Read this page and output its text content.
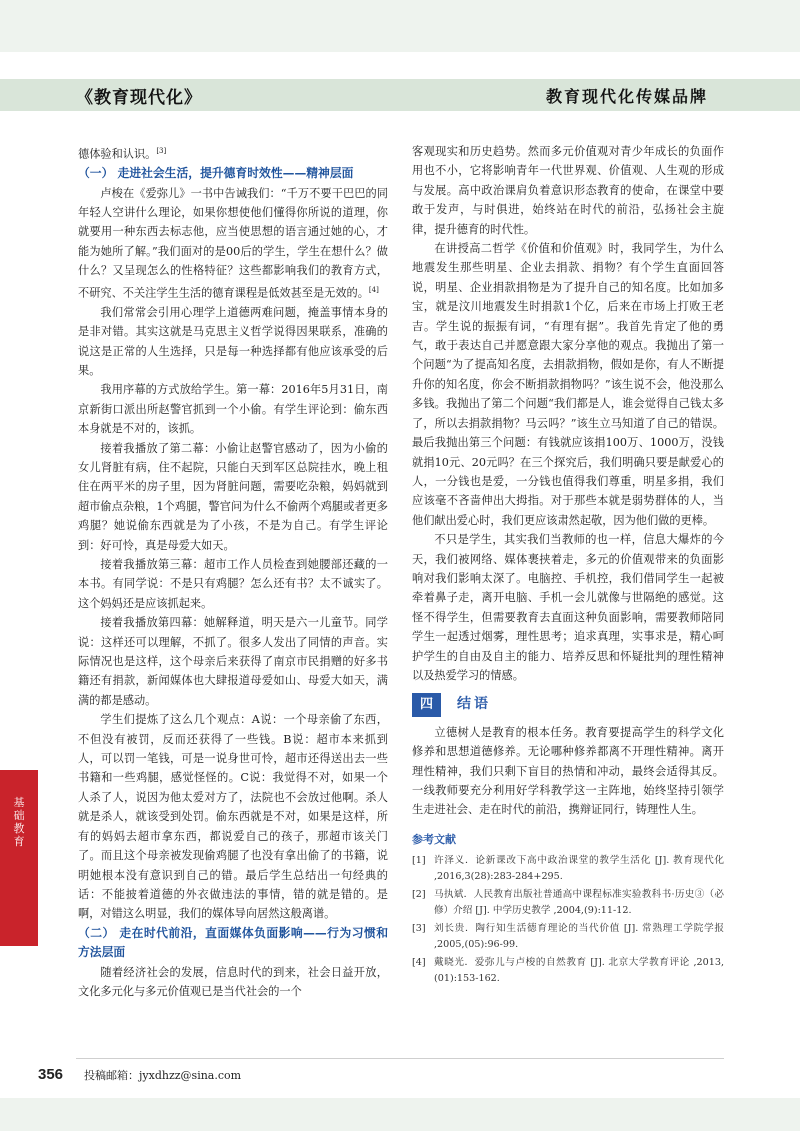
《教育现代化》	教育现代化传媒品牌

德体验和认识。[3]

（一） 走进社会生活，提升德育时效性——精神层面

卢梭在《爱弥儿》一书中告诫我们：“千万不要干巴巴的同年轻人空讲什么理论，如果你想使他们懂得你所说的道理，你就要用一种东西去标志他，应当使思想的语言通过她的心，才能为她所了解。”我们面对的是00后的学生，学生在想什么？做什么？又呈现怎么的性格特征？这些都影响我们的教育方式，不研究、不关注学生生活的德育课程是低效甚至是无效的。[4]

我们常常会引用心理学上道德两难问题，掩盖事情本身的是非对错。其实这就是马克思主义哲学说得因果联系，准确的说这是正常的人生选择，只是每一种选择都有他应该承受的后果。

我用序幕的方式放给学生。第一幕：2016年5月31日，南京新街口派出所赵警官抓到一个小偷。有学生评论到：偷东西本身就是不对的，该抓。

接着我播放了第二幕：小偷让赵警官感动了，因为小偷的女儿肾脏有病，住不起院，只能白天到军区总院挂水，晚上租住在两平米的房子里，因为肾脏问题，需要吃杂粮，妈妈就到超市偷点杂粮，1个鸡腿，警官问为什么不偷两个鸡腿或者更多鸡腿？她说偷东西就是为了小孩，不是为自己。有学生评论到：好可怜，真是母爱大如天。

接着我播放第三幕：超市工作人员检查到她腰部还藏的一本书。有同学说：不是只有鸡腿？怎么还有书？太不诚实了。这个妈妈还是应该抓起来。

接着我播放第四幕：她解释道，明天是六一儿童节。同学说：这样还可以理解，不抓了。很多人发出了同情的声音。实际情况也是这样，这个母亲后来获得了南京市民捐赠的好多书籍还有捐款，新闻媒体也大肆报道母爱如山、母爱大如天，满满的都是感动。

学生们提炼了这么几个观点：A说：一个母亲偷了东西，不但没有被罚，反而还获得了一些钱。B说：超市本来抓到人，可以罚一笔钱，可是一说身世可怜，超市还得送出去一些书籍和一些鸡腿，感觉怪怪的。C说：我觉得不对，如果一个人杀了人，说因为他太爱对方了，法院也不会放过他啊。杀人就是杀人，就该受到处罚。偷东西就是不对，如果是这样，所有的妈妈去超市拿东西，都说爱自己的孩子，那超市该关门了。而且这个母亲被发现偷鸡腿了也没有拿出偷了的书籍，说明她根本没有意识到自己的错。最后学生总结出一句经典的话：不能披着道德的外衣做违法的事情，错的就是错的。是啊，对错这么明显，我们的媒体导向居然这般离谱。

（二） 走在时代前沿，直面媒体负面影响——行为习惯和方法层面

随着经济社会的发展，信息时代的到来，社会日益开放，文化多元化与多元价值观已是当代社会的一个

客观现实和历史趋势。然而多元价值观对青少年成长的负面作用也不小，它将影响青年一代世界观、价值观、人生观的形成与发展。高中政治课肩负着意识形态教育的使命，在课堂中要敢于发声，与时俱进，始终站在时代的前沿，弘扬社会主旋律，提升德育的时代性。

在讲授高二哲学《价值和价值观》时，我同学生，为什么地震发生那些明星、企业去捐款、捐物？有个学生直面回答说，明星、企业捐款捐物是为了提升自己的知名度。比如加多宝，就是汶川地震发生时捐款1个亿，后来在市场上打败王老吉。学生说的振振有词，“有理有据”。我首先肯定了他的勇气，敢于表达自己并愿意跟大家分享他的观点。我抛出了第一个问题“为了提高知名度，去捐款捐物，假如是你，有人不断提升你的知名度，你会不断捐款捐物吗？”该生说不会，他没那么多钱。我抛出了第二个问题“我们都是人，谁会觉得自己钱太多了，所以去捐款捐物？马云吗？”该生立马知道了自己的错误。最后我抛出第三个问题：有钱就应该捐100万、1000万，没钱就捐10元、20元吗？在三个探究后，我们明确只要是献爱心的人，一分钱也是爱，一分钱也值得我们尊重，明星多捐，我们应该毫不吝啬伸出大拇指。对于那些本就是弱势群体的人，当他们献出爱心时，我们更应该肃然起敬，因为他们做的更棒。

不只是学生，其实我们当教师的也一样，信息大爆炸的今天，我们被网络、媒体裹挟着走，多元的价值观带来的负面影响对我们影响太深了。电脑控、手机控，我们借同学生一起被牵着鼻子走，离开电脑、手机一会儿就像与世隔绝的感觉。这怪不得学生，但需要教育去直面这种负面影响，需要教师陪同学生一起透过烟雾，理性思考；追求真理，实事求是，精心呵护学生的自由及自主的能力、培养反思和怀疑批判的理性精神以及热爱学习的情感。

四	结语

立德树人是教育的根本任务。教育要提高学生的科学文化修养和思想道德修养。无论哪种修养都离不开理性精神。离开理性精神，我们只剩下盲目的热情和冲动，最终会适得其反。一线教师要充分利用好学科教学这一主阵地，始终坚持引领学生走进社会、走在时代的前沿，携辩证同行，铸理性人生。

参考文献
[1] 许泽义．论新课改下高中政治课堂的教学生活化 [J]. 教育现代化 ,2016,3(28):283-284+295.
[2] 马执斌．人民教育出版社普通高中课程标准实验教科书·历史③（必修）介绍 [J]. 中学历史教学 ,2004,(9):11-12.
[3] 刘长贵．陶行知生活德育理论的当代价值 [J]. 常熟理工学院学报 ,2005,(05):96-99.
[4] 戴晓光．爱弥儿与卢梭的自然教育 [J]. 北京大学教育评论 ,2013,(01):153-162.
基础教育
356 投稿邮箱：jyxdhzz@sina.com
